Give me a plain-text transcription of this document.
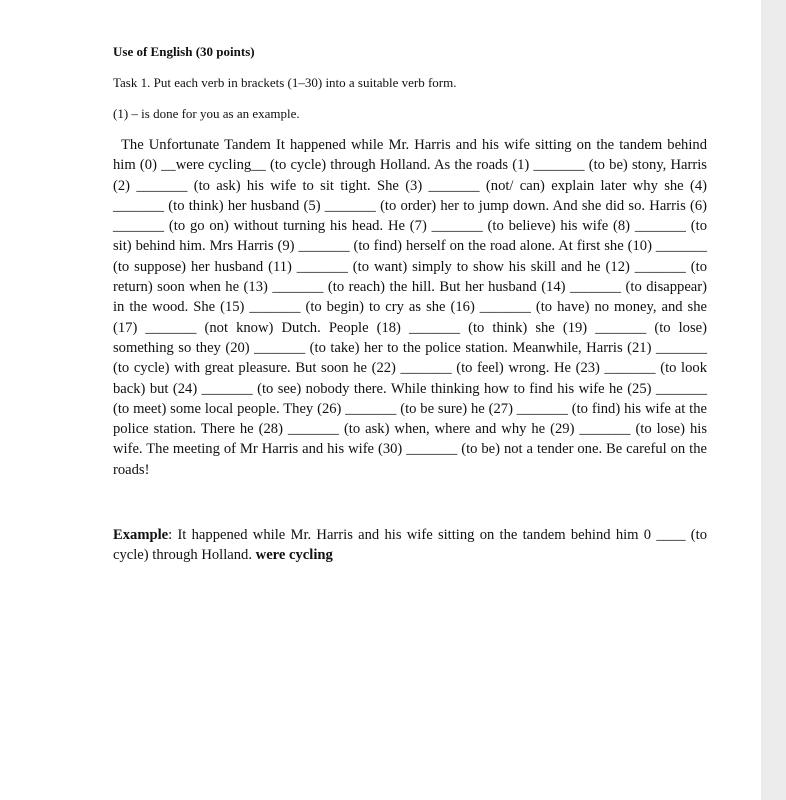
Use of English (30 points)

Task 1. Put each verb in brackets (1–30) into a suitable verb form.

(1) – is done for you as an example.

The Unfortunate Tandem It happened while Mr. Harris and his wife sitting on the tandem behind him (0) __were cycling__ (to cycle) through Holland. As the roads (1) _______ (to be) stony, Harris (2) _______ (to ask) his wife to sit tight. She (3) _______ (not/ can) explain later why she (4) _______ (to think) her husband (5) _______ (to order) her to jump down. And she did so. Harris (6) _______ (to go on) without turning his head. He (7) _______ (to believe) his wife (8) _______ (to sit) behind him. Mrs Harris (9) _______ (to find) herself on the road alone. At first she (10) _______ (to suppose) her husband (11) _______ (to want) simply to show his skill and he (12) _______ (to return) soon when he (13) _______ (to reach) the hill. But her husband (14) _______ (to disappear) in the wood. She (15) _______ (to begin) to cry as she (16) _______ (to have) no money, and she (17) _______ (not know) Dutch. People (18) _______ (to think) she (19) _______ (to lose) something so they (20) _______ (to take) her to the police station. Meanwhile, Harris (21) _______ (to cycle) with great pleasure. But soon he (22) _______ (to feel) wrong. He (23) _______ (to look back) but (24) _______ (to see) nobody there. While thinking how to find his wife he (25) _______ (to meet) some local people. They (26) _______ (to be sure) he (27) _______ (to find) his wife at the police station. There he (28) _______ (to ask) when, where and why he (29) _______ (to lose) his wife. The meeting of Mr Harris and his wife (30) _______ (to be) not a tender one. Be careful on the roads!

Example: It happened while Mr. Harris and his wife sitting on the tandem behind him 0 ____ (to cycle) through Holland. were cycling
